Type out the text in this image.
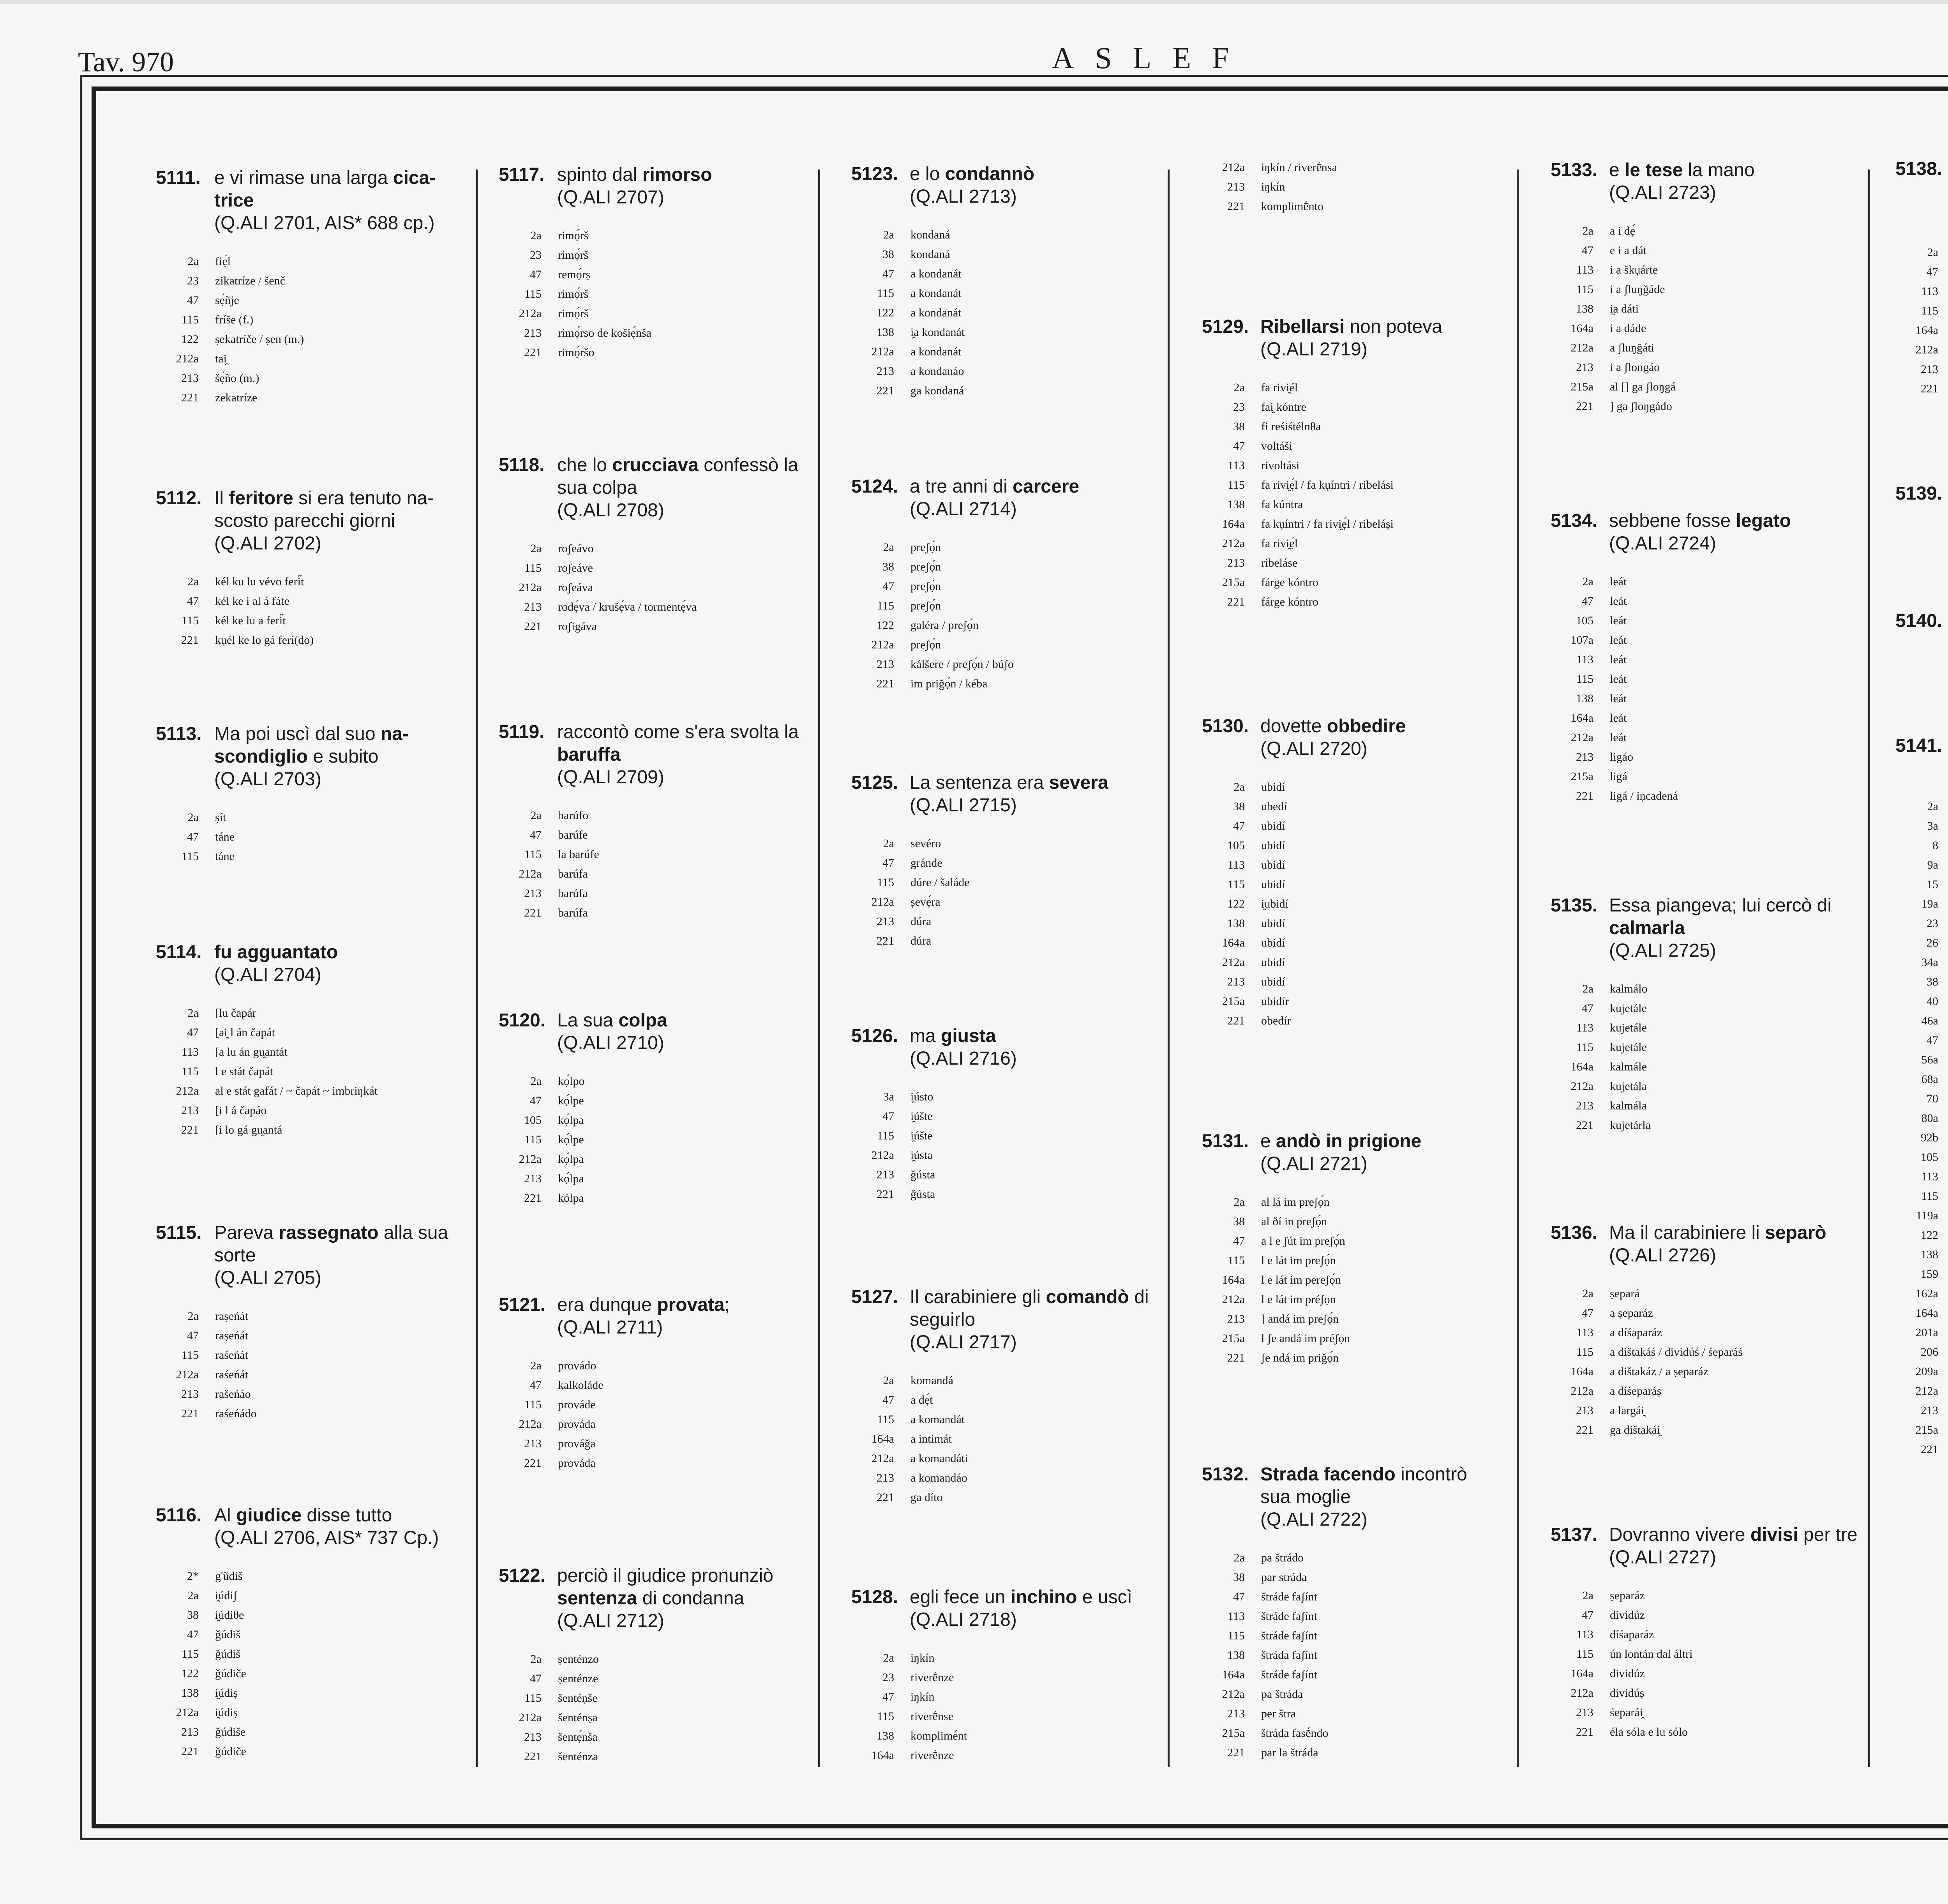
Tav. 970	ASLEF
5111. e vi rimase una larga cica-trice
(Q.ALI 2701, AIS* 688 cp.)
2a	fiẹ́l
23	zikatríze / šenč
47	sẹ́ñje
115	fríše (f.)
122	ṣekatríče / ṣen (m.)
212a	tai̯
213	šẹ́ño (m.)
221	zekatríze
5112. Il feritore si era tenuto na-scosto parecchi giorni
(Q.ALI 2702)
2a	kél ku lu vévo feri̋t
47	kél ke i al á fáte
115	kél ke lu a feri̋t
221	kụél ke lo gá ferí(do)
5113. Ma poi uscì dal suo na-scondiglio e subito
(Q.ALI 2703)
2a	ṣít
47	táne
115	táne
5114. fu agguantato
(Q.ALI 2704)
2a	[lu čapár
47	[ai̯ l án čapát
113	[a lu án gu̯antát
115	l e stát čapát
212a	al e stát gafát / ~ čapát ~ imbriŋkát
213	[i l á čapáo
221	[i lo gá gu̯antá
5115. Pareva rassegnato alla sua sorte
(Q.ALI 2705)
2a	raṣeńát
47	raṣeńát
115	raśeńát
212a	raśeńát
213	rašeńáo
221	raśeńádo
5116. Al giudice disse tutto
(Q.ALI 2706, AIS* 737 Cp.)
2*	g'ũdiš
2a	i̯údiʃ
38	i̯údiθe
47	ǧúdiš
115	ǧúdiš
122	ǧúdiče
138	i̯údiṣ
212a	i̯údiṣ
213	ǧúdiše
221	ǧúdiče
5117. spinto dal rimorso
(Q.ALI 2707)
2a	rimọ́rš
23	rimọ́rš
47	remọ́rṣ
115	rimọ́rš
212a	rimọ́rš
213	rimọ́rso de košiẹ́nša
221	rimọ́ršo
5118. che lo crucciava confessò la sua colpa
(Q.ALI 2708)
2a	roʃeávo
115	roʃeáve
212a	roʃeáva
213	rodẹ́va / krušẹ́va / tormentẹ́va
221	roʃigáva
5119. raccontò come s'era svolta la baruffa
(Q.ALI 2709)
2a	barúfo
47	barúfe
115	la barúfe
212a	barúfa
213	barúfa
221	barúfa
5120. La sua colpa
(Q.ALI 2710)
2a	kọ́lpo
47	kọ́lpe
105	kọ́lpa
115	kọ́lpe
212a	kọ́lpa
213	kọ́lpa
221	kólpa
5121. era dunque provata;
(Q.ALI 2711)
2a	provádo
47	kalkoláde
115	prováde
212a	prováda
213	prováǧa
221	prováda
5122. perciò il giudice pronunziò sentenza di condanna
(Q.ALI 2712)
2a	ṣenténzo
47	ṣenténze
115	šentéṇše
212a	šenténṣa
213	šentẹ́nša
221	šenténza
5123. e lo condannò
(Q.ALI 2713)
2a	kondaná
38	kondaná
47	a kondanát
115	a kondanát
122	a kondanát
138	i̯a kondanát
212a	a kondanát
213	a kondanáo
221	ga kondaná
5124. a tre anni di carcere
(Q.ALI 2714)
2a	preʃọ́n
38	preʃọ́n
47	preʃọ́n
115	preʃọ́n
122	galéra / preʃọ́n
212a	preʃọ́n
213	kálšere / preʃọ́n / búʃo
221	im priǧọ́n / kéba
5125. La sentenza era severa
(Q.ALI 2715)
2a	sevéro
47	gránde
115	dúre / šaláde
212a	ṣevẹ́ra
213	dúra
221	dúra
5126. ma giusta
(Q.ALI 2716)
3a	i̯ústo
47	i̯úšte
115	i̯úšte
212a	i̯ústa
213	ǧústa
221	ǧústa
5127. Il carabiniere gli comandò di seguirlo
(Q.ALI 2717)
2a	komandá
47	a dẹ́t
115	a komandát
164a	a intimát
212a	a komandáti
213	a komandáo
221	ga díto
5128. egli fece un inchino e uscì
(Q.ALI 2718)
2a	iŋkín
23	riverḗnze
47	iŋkín
115	riverḗnse
138	komplimḗnt
164a	riverḗnze
212a	iŋkín / riverḗnsa
213	iŋkín
221	komplimḗnto
5129. Ribellarsi non poteva
(Q.ALI 2719)
2a	fa rivi̯él
23	fai̯ kóntre
38	fi reśiśtélnθa
47	voltáši
113	rivoltási
115	fa rivi̯ẹ́l / fa kụíntri / ribelási
138	fa kúntra
164a	fa kụíntri / fa rivi̯ẹ́l / ribeláṣi
212a	fa rivi̯ẹ́l
213	ribeláse
215a	fárge kóntro
221	fárge kóntro
5130. dovette obbedire
(Q.ALI 2720)
2a	ubidí
38	ubedí
47	ubidí
105	ubidí
113	ubidí
115	ubidí
122	i̯ubidí
138	ubidí
164a	ubidí
212a	ubidí
213	ubidí
215a	ubidír
221	obedír
5131. e andò in prigione
(Q.ALI 2721)
2a	al lá im preʃọ́n
38	al ðí in preʃọ́n
47	a l e ʃút im preʃọ́n
115	l e lát im preʃọ́n
164a	l e lát im pereʃọ́n
212a	l e lát im préʃọn
213	] andá im preʃọ́n
215a	l ʃe andá im préʃọn
221	ʃe ndá im priǧọ́n
5132. Strada facendo incontrò sua moglie
(Q.ALI 2722)
2a	pa štrádo
38	par stráda
47	štráde faʃínt
113	štráde faʃínt
115	štráde faʃínt
138	štráda faʃínt
164a	štráde faʃínt
212a	pa štráda
213	per štra
215a	štráda fasḗndo
221	par la štráda
5133. e le tese la mano
(Q.ALI 2723)
2a	a i dẹ́
47	e i a dát
113	i a škụárte
115	i a ʃluŋǧáde
138	i̯a dáti
164a	i a dáde
212a	a ʃluŋǧáti
213	i a ʃlongáo
215a	al [] ga ʃloŋgá
221	] ga ʃloŋgádo
5134. sebbene fosse legato
(Q.ALI 2724)
2a	leát
47	leát
105	leát
107a	leát
113	leát
115	leát
138	leát
164a	leát
212a	leát
213	ligáo
215a	ligá
221	ligá / iṇcadená
5135. Essa piangeva; lui cercò di calmarla
(Q.ALI 2725)
2a	kalmálo
47	kujetále
113	kujetále
115	kujetále
164a	kalmále
212a	kujetála
213	kalmála
221	kujetárla
5136. Ma il carabiniere li separò
(Q.ALI 2726)
2a	ṣepará
47	a ṣeparáz
113	a díśaparáz
115	a dištakáś / dividúś / śeparáś
164a	a dištakáz / a ṣeparáz
212a	a díśeparáṣ
213	a largái̯
221	ga dištakái̯
5137. Dovranno vivere divisi per tre
(Q.ALI 2727)
2a	ṣeparáz
47	dividúz
113	díśaparáz
115	ún lontán dal áltri
164a	dividúz
212a	dividúṣ
213	śeparái̯
221	éla sóla e lu sólo
5138.
2a
47
113
115
164a
212a
213
221
5139.
5140.
5141.
2a
3a
8
9a
15
19a
23
26
34a
38
40
46a
47
56a
68a
70
80a
92b
105
113
115
119a
122
138
159
162a
164a
201a
206
209a
212a
213
215a
221
